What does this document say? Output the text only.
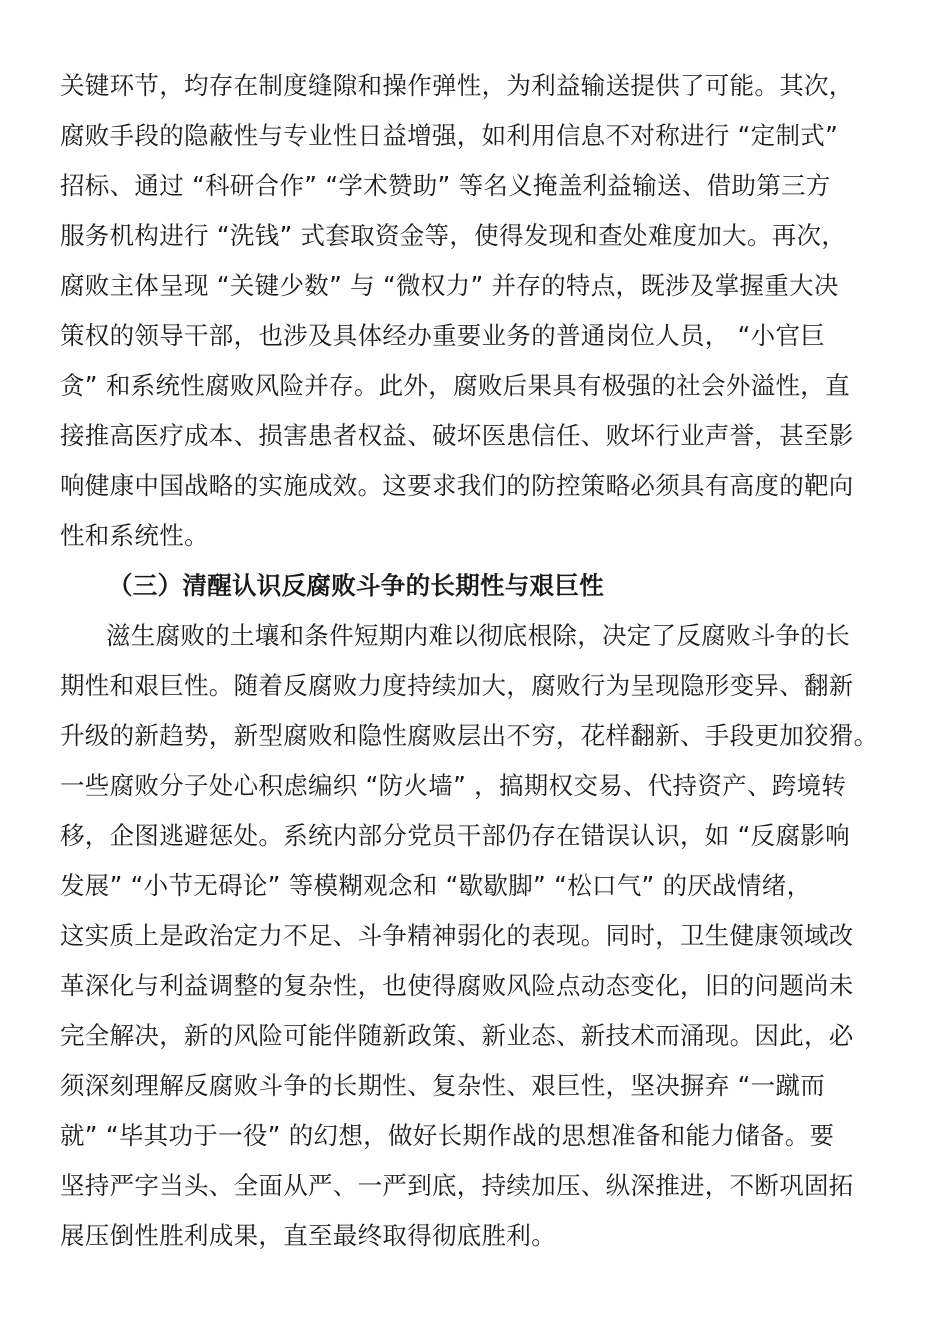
关键环节，均存在制度缝隙和操作弹性，为利益输送提供了可能。其次，
腐败手段的隐蔽性与专业性日益增强，如利用信息不对称进行 “定制式”
招标、通过 “科研合作” “学术赞助” 等名义掩盖利益输送、借助第三方
服务机构进行 “洗钱” 式套取资金等，使得发现和查处难度加大。再次，
腐败主体呈现 “关键少数” 与 “微权力” 并存的特点，既涉及掌握重大决
策权的领导干部，也涉及具体经办重要业务的普通岗位人员， “小官巨
贪” 和系统性腐败风险并存。此外，腐败后果具有极强的社会外溢性，直
接推高医疗成本、损害患者权益、破坏医患信任、败坏行业声誉，甚至影
响健康中国战略的实施成效。这要求我们的防控策略必须具有高度的靶向
性和系统性。
（三）清醒认识反腐败斗争的长期性与艰巨性
滋生腐败的土壤和条件短期内难以彻底根除，决定了反腐败斗争的长
期性和艰巨性。随着反腐败力度持续加大，腐败行为呈现隐形变异、翻新
升级的新趋势，新型腐败和隐性腐败层出不穷，花样翻新、手段更加狡猾。
一些腐败分子处心积虑编织 “防火墙” ，搞期权交易、代持资产、跨境转
移，企图逃避惩处。系统内部分党员干部仍存在错误认识，如 “反腐影响
发展” “小节无碍论” 等模糊观念和 “歇歇脚” “松口气” 的厌战情绪，
这实质上是政治定力不足、斗争精神弱化的表现。同时，卫生健康领域改
革深化与利益调整的复杂性，也使得腐败风险点动态变化，旧的问题尚未
完全解决，新的风险可能伴随新政策、新业态、新技术而涌现。因此，必
须深刻理解反腐败斗争的长期性、复杂性、艰巨性，坚决摒弃 “一蹴而
就” “毕其功于一役” 的幻想，做好长期作战的思想准备和能力储备。要
坚持严字当头、全面从严、一严到底，持续加压、纵深推进，不断巩固拓
展压倒性胜利成果，直至最终取得彻底胜利。
